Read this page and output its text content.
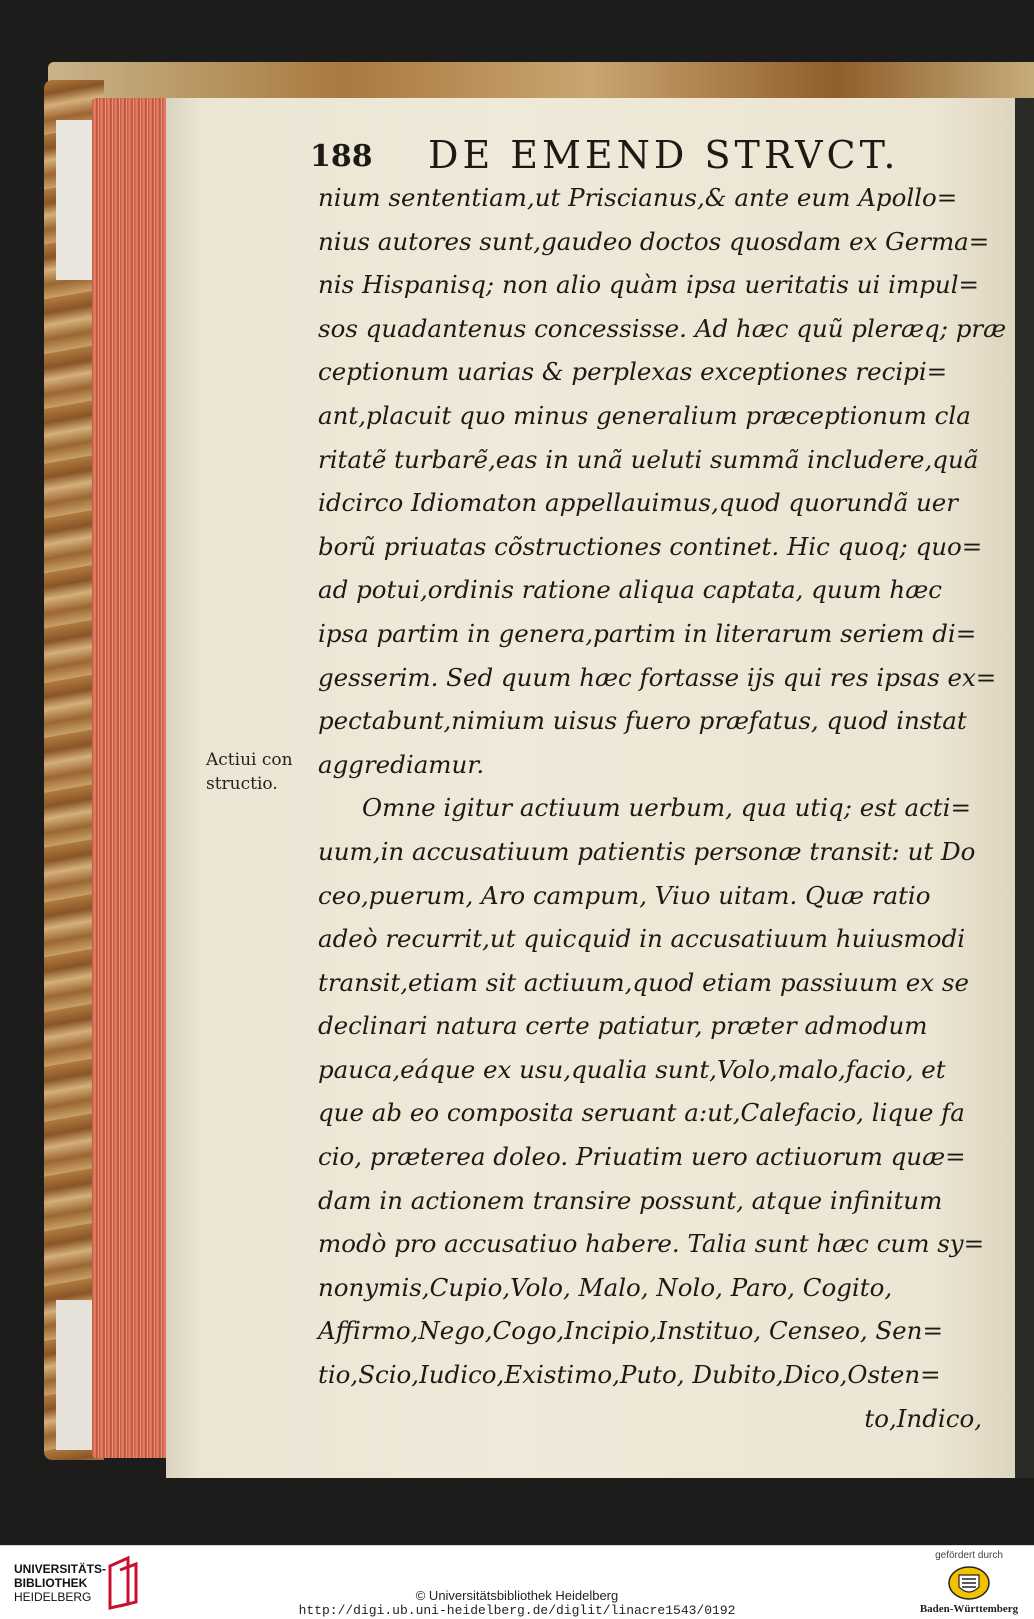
188 DE EMEND STRVCT.
Actiui con
structio.
nium sententiam,ut Priscianus,& ante eum Apollo=
nius autores sunt,gaudeo doctos quosdam ex Germa=
nis Hispanisq; non alio quàm ipsa ueritatis ui impul=
sos quadantenus concessisse. Ad hæc quũ pleræq; præ
ceptionum uarias & perplexas exceptiones recipi=
ant,placuit quo minus generalium præceptionum cla
ritatẽ turbarẽ,eas in unã ueluti summã includere,quã
idcirco Idiomaton appellauimus,quod quorundã uer
borũ priuatas cõstructiones continet. Hic quoq; quo=
ad potui,ordinis ratione aliqua captata, quum hæc
ipsa partim in genera,partim in literarum seriem di=
gesserim. Sed quum hæc fortasse ijs qui res ipsas ex=
pectabunt,nimium uisus fuero præfatus, quod instat
aggrediamur.
Omne igitur actiuum uerbum, qua utiq; est acti=
uum,in accusatiuum patientis personæ transit: ut Do
ceo,puerum, Aro campum, Viuo uitam. Quæ ratio
adeò recurrit,ut quicquid in accusatiuum huiusmodi
transit,etiam sit actiuum,quod etiam passiuum ex se
declinari natura certe patiatur, præter admodum
pauca,eáque ex usu,qualia sunt,Volo,malo,facio, et
que ab eo composita seruant a:ut,Calefacio, lique fa
cio, præterea doleo. Priuatim uero actiuorum quæ=
dam in actionem transire possunt, atque infinitum
modò pro accusatiuo habere. Talia sunt hæc cum sy=
nonymis,Cupio,Volo, Malo, Nolo, Paro, Cogito,
Affirmo,Nego,Cogo,Incipio,Instituo, Censeo, Sen=
tio,Scio,Iudico,Existimo,Puto, Dubito,Dico,Osten=
to,Indico,
UNIVERSITÄTS-
BIBLIOTHEK
HEIDELBERG	© Universitätsbibliothek Heidelberg
http://digi.ub.uni-heidelberg.de/diglit/linacre1543/0192
gefördert durch
Baden-Württemberg
